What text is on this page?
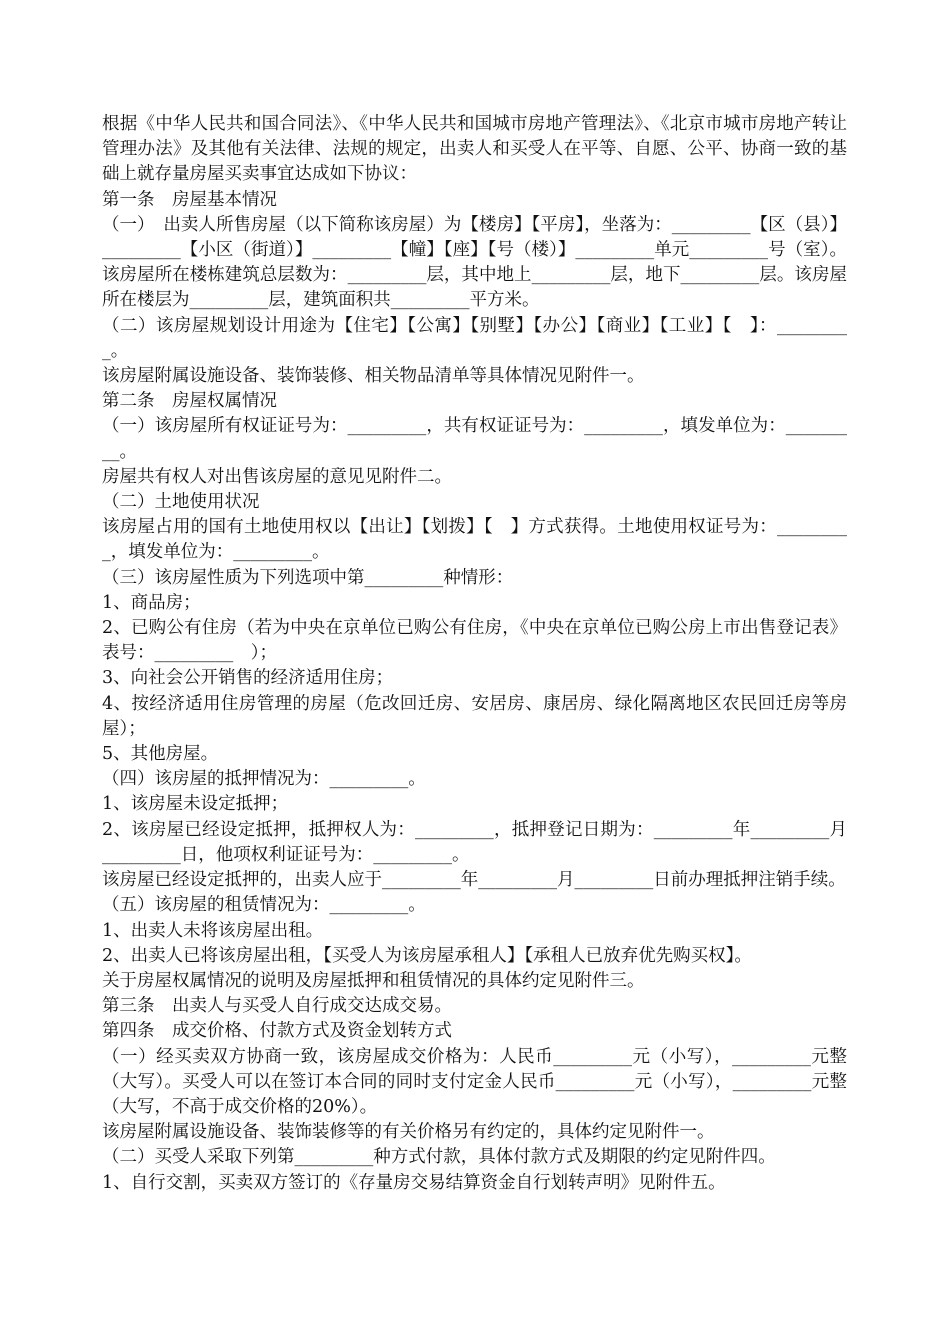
根据《中华人民共和国合同法》、《中华人民共和国城市房地产管理法》、《北京市城市房地产转让管理办法》及其他有关法律、法规的规定，出卖人和买受人在平等、自愿、公平、协商一致的基础上就存量房屋买卖事宜达成如下协议：

第一条　房屋基本情况

（一）　出卖人所售房屋（以下简称该房屋）为【楼房】【平房】，坐落为：_________【区（县）】_________【小区（街道）】_________【幢】【座】【号（楼）】_________单元_________号（室）。该房屋所在楼栋建筑总层数为：_________层，其中地上_________层，地下_________层。该房屋所在楼层为_________层，建筑面积共_________平方米。

（二）该房屋规划设计用途为【住宅】【公寓】【别墅】【办公】【商业】【工业】【　】：_________。

该房屋附属设施设备、装饰装修、相关物品清单等具体情况见附件一。

第二条　房屋权属情况

（一）该房屋所有权证证号为：_________，共有权证证号为：_________，填发单位为：_________。

房屋共有权人对出售该房屋的意见见附件二。

（二）土地使用状况

该房屋占用的国有土地使用权以【出让】【划拨】【　】方式获得。土地使用权证号为：_________，填发单位为：_________。

（三）该房屋性质为下列选项中第_________种情形：

1、商品房；

2、已购公有住房（若为中央在京单位已购公有住房，《中央在京单位已购公房上市出售登记表》表号：_________　）；

3、向社会公开销售的经济适用住房；

4、按经济适用住房管理的房屋（危改回迁房、安居房、康居房、绿化隔离地区农民回迁房等房屋）；

5、其他房屋。

（四）该房屋的抵押情况为：_________。

1、该房屋未设定抵押；

2、该房屋已经设定抵押，抵押权人为：_________，抵押登记日期为：_________年_________月_________日，他项权利证证号为：_________。

该房屋已经设定抵押的，出卖人应于_________年_________月_________日前办理抵押注销手续。

（五）该房屋的租赁情况为：_________。

1、出卖人未将该房屋出租。

2、出卖人已将该房屋出租，【买受人为该房屋承租人】【承租人已放弃优先购买权】。

关于房屋权属情况的说明及房屋抵押和租赁情况的具体约定见附件三。

第三条　出卖人与买受人自行成交达成交易。

第四条　成交价格、付款方式及资金划转方式

（一）经买卖双方协商一致，该房屋成交价格为：人民币_________元（小写），_________元整（大写）。买受人可以在签订本合同的同时支付定金人民币_________元（小写），_________元整（大写，不高于成交价格的20%）。

该房屋附属设施设备、装饰装修等的有关价格另有约定的，具体约定见附件一。

（二）买受人采取下列第_________种方式付款，具体付款方式及期限的约定见附件四。

1、自行交割，买卖双方签订的《存量房交易结算资金自行划转声明》见附件五。
